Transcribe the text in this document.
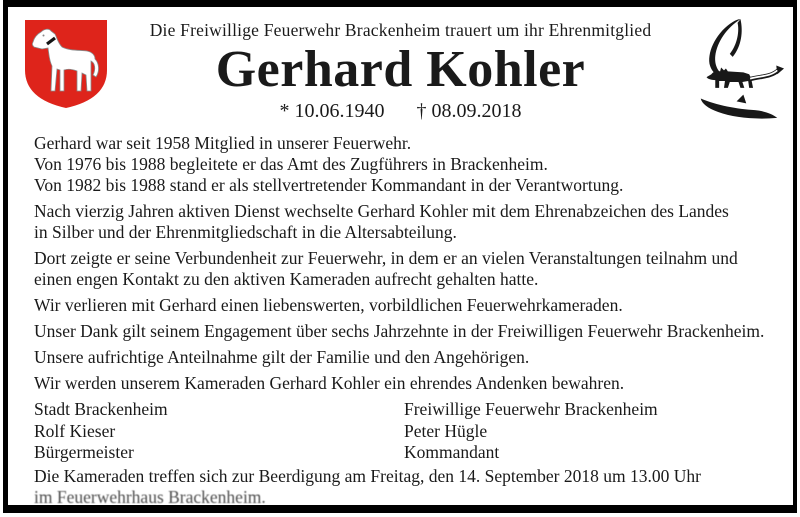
Die Freiwillige Feuerwehr Brackenheim trauert um ihr Ehrenmitglied
Gerhard Kohler
* 10.06.1940 † 08.09.2018

Gerhard war seit 1958 Mitglied in unserer Feuerwehr.
Von 1976 bis 1988 begleitete er das Amt des Zugführers in Brackenheim.
Von 1982 bis 1988 stand er als stellvertretender Kommandant in der Verantwortung.

Nach vierzig Jahren aktiven Dienst wechselte Gerhard Kohler mit dem Ehrenabzeichen des Landes
in Silber und der Ehrenmitgliedschaft in die Altersabteilung.

Dort zeigte er seine Verbundenheit zur Feuerwehr, in dem er an vielen Veranstaltungen teilnahm und
einen engen Kontakt zu den aktiven Kameraden aufrecht gehalten hatte.

Wir verlieren mit Gerhard einen liebenswerten, vorbildlichen Feuerwehrkameraden.

Unser Dank gilt seinem Engagement über sechs Jahrzehnte in der Freiwilligen Feuerwehr Brackenheim.

Unsere aufrichtige Anteilnahme gilt der Familie und den Angehörigen.

Wir werden unserem Kameraden Gerhard Kohler ein ehrendes Andenken bewahren.

Stadt Brackenheim
Rolf Kieser
Bürgermeister
Freiwillige Feuerwehr Brackenheim
Peter Hügle
Kommandant
Die Kameraden treffen sich zur Beerdigung am Freitag, den 14. September 2018 um 13.00 Uhr
im Feuerwehrhaus Brackenheim.
